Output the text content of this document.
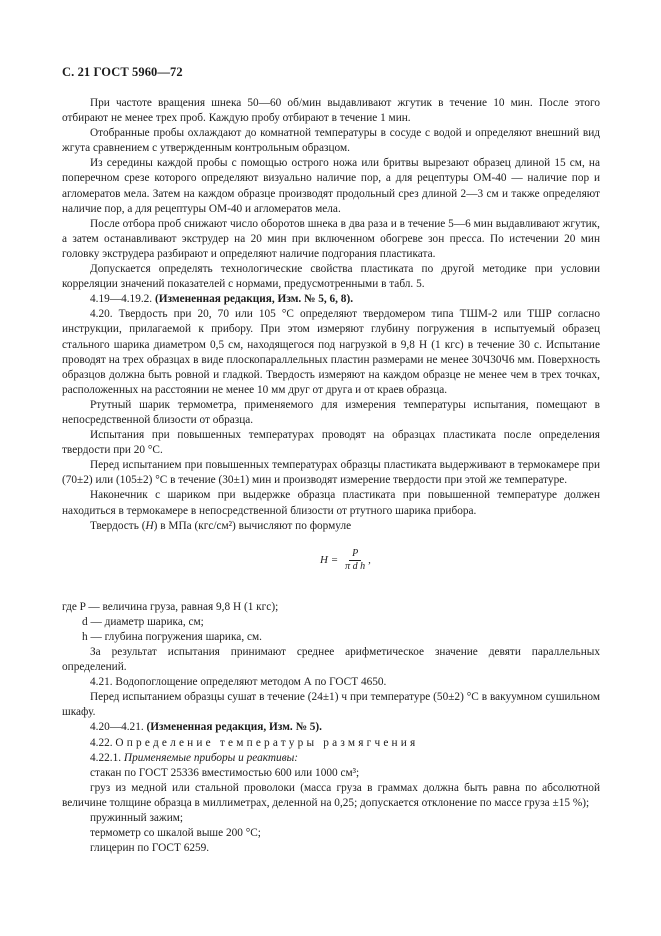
С. 21 ГОСТ 5960—72

При частоте вращения шнека 50—60 об/мин выдавливают жгутик в течение 10 мин. После этого отбирают не менее трех проб. Каждую пробу отбирают в течение 1 мин.

Отобранные пробы охлаждают до комнатной температуры в сосуде с водой и определяют внешний вид жгута сравнением с утвержденным контрольным образцом.

Из середины каждой пробы с помощью острого ножа или бритвы вырезают образец длиной 15 см, на поперечном срезе которого определяют визуально наличие пор, а для рецептуры ОМ-40 — наличие пор и агломератов мела. Затем на каждом образце производят продольный срез длиной 2—3 см и также определяют наличие пор, а для рецептуры ОМ-40 и агломератов мела.

После отбора проб снижают число оборотов шнека в два раза и в течение 5—6 мин выдавливают жгутик, а затем останавливают экструдер на 20 мин при включенном обогреве зон пресса. По истечении 20 мин головку экструдера разбирают и определяют наличие подгорания пластиката.

Допускается определять технологические свойства пластиката по другой методике при условии корреляции значений показателей с нормами, предусмотренными в табл. 5.

4.19—4.19.2. (Измененная редакция, Изм. № 5, 6, 8).

4.20. Твердость при 20, 70 или 105 °С определяют твердомером типа ТШМ-2 или ТШР согласно инструкции, прилагаемой к прибору. При этом измеряют глубину погружения в испытуемый образец стального шарика диаметром 0,5 см, находящегося под нагрузкой в 9,8 Н (1 кгс) в течение 30 с. Испытание проводят на трех образцах в виде плоскопараллельных пластин размерами не менее 30Ч30Ч6 мм. Поверхность образцов должна быть ровной и гладкой. Твердость измеряют на каждом образце не менее чем в трех точках, расположенных на расстоянии не менее 10 мм друг от друга и от краев образца.

Ртутный шарик термометра, применяемого для измерения температуры испытания, помещают в непосредственной близости от образца.

Испытания при повышенных температурах проводят на образцах пластиката после определения твердости при 20 °С.

Перед испытанием при повышенных температурах образцы пластиката выдерживают в термокамере при (70±2) или (105±2) °С в течение (30±1) мин и производят измерение твердости при этой же температуре.

Наконечник с шариком при выдержке образца пластиката при повышенной температуре должен находиться в термокамере в непосредственной близости от ртутного шарика прибора.

Твердость (Н) в МПа (кгс/см²) вычисляют по формуле

$H = \frac{P}{\text{π d h}}$ ,

где P — величина груза, равная 9,8 Н (1 кгс);

d — диаметр шарика, см;

h — глубина погружения шарика, см.

За результат испытания принимают среднее арифметическое значение девяти параллельных определений.

4.21. Водопоглощение определяют методом А по ГОСТ 4650.

Перед испытанием образцы сушат в течение (24±1) ч при температуре (50±2) °С в вакуумном сушильном шкафу.

4.20—4.21. (Измененная редакция, Изм. № 5).

4.22. Определение температуры размягчения

4.22.1. Применяемые приборы и реактивы:

стакан по ГОСТ 25336 вместимостью 600 или 1000 см³;

груз из медной или стальной проволоки (масса груза в граммах должна быть равна по абсолютной величине толщине образца в миллиметрах, деленной на 0,25; допускается отклонение по массе груза ±15 %);

пружинный зажим;

термометр со шкалой выше 200 °С;

глицерин по ГОСТ 6259.
